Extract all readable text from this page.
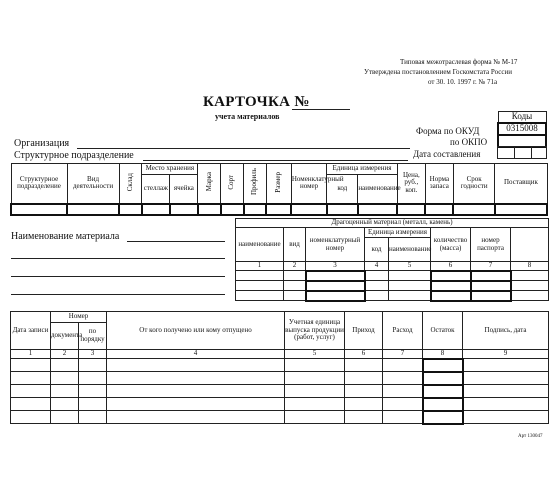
Типовая межотраслевая форма № М-17
Утверждена постановлением Госкомстата России
от 30. 10. 1997 г. № 71а
КАРТОЧКА №
учета материалов
Форма по ОКУД
по ОКПО
Дата составления
Коды
0315008

Организация
Структурное подразделение
Структурное подразделение	Вид деятельности	Склад	Место хранения		Марка	Сорт	Профиль	Размер	Номенклатурный номер	Единица измерения		Цена, руб., коп.	Норма запаса	Срок годности	Поставщик
			стеллаж	ячейка						код	наименование				

Наименование материала
Драгоценный материал (металл, камень)							
наименование	вид	номенклатурный номер	Единица измерения		количество (масса)	номер паспорта	
			код	наименование			
1	2	3	4	5	6	7	8

Дата записи	Номер		От кого получено или кому отпущено	Учетная единица выпуска продукции (работ, услуг)	Приход	Расход	Остаток	Подпись, дата
	документа	по порядку						
1	2	3	4	5	6	7	8	9

Арт 130047
